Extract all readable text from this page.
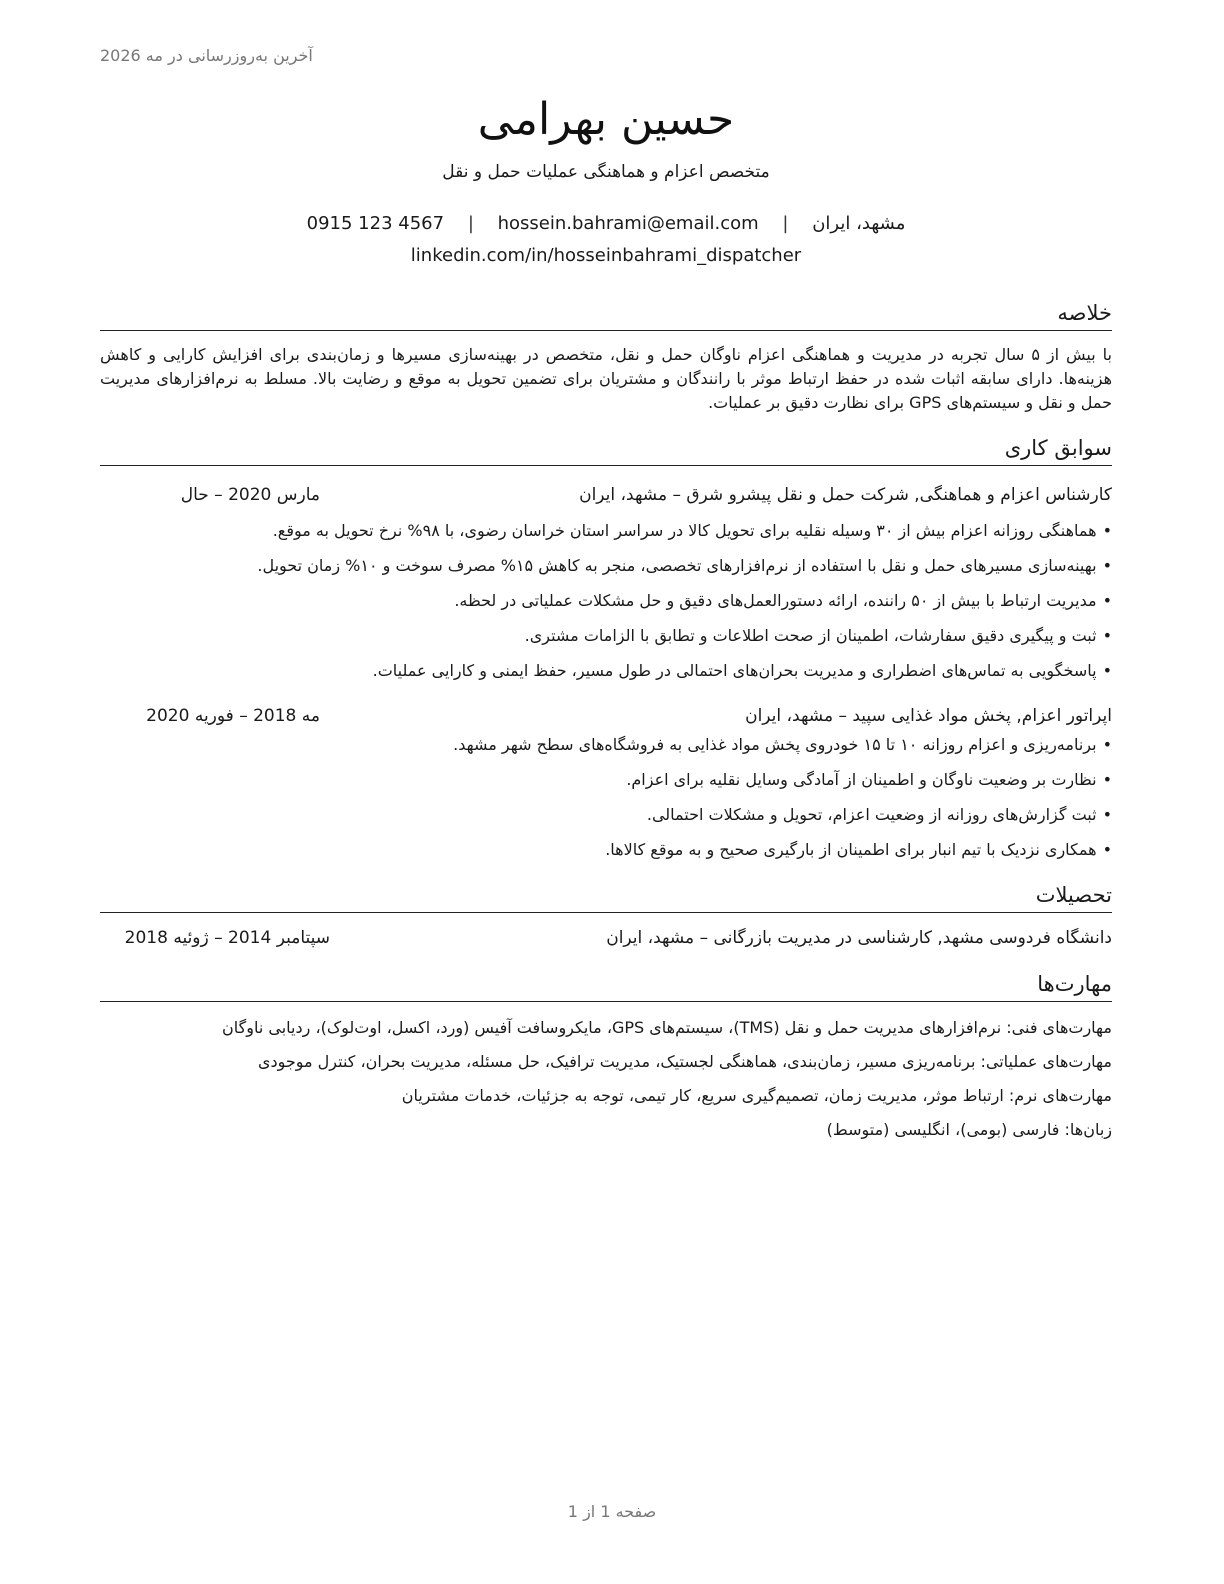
آخرین به‌روزرسانی در مه 2026
حسین بهرامی
متخصص اعزام و هماهنگی عملیات حمل و نقل
مشهد، ایران | hossein.bahrami@email.com | 0915 123 4567
linkedin.com/in/hosseinbahrami_dispatcher
خلاصه
با بیش از ۵ سال تجربه در مدیریت و هماهنگی اعزام ناوگان حمل و نقل، متخصص در بهینه‌سازی مسیرها و زمان‌بندی برای افزایش کارایی و کاهش هزینه‌ها. دارای سابقه اثبات شده در حفظ ارتباط موثر با رانندگان و مشتریان برای تضمین تحویل به موقع و رضایت بالا. مسلط به نرم‌افزارهای مدیریت حمل و نقل و سیستم‌های GPS برای نظارت دقیق بر عملیات.
سوابق کاری
کارشناس اعزام و هماهنگی, شرکت حمل و نقل پیشرو شرق – مشهد، ایران
مارس 2020 – حال
• هماهنگی روزانه اعزام بیش از ۳۰ وسیله نقلیه برای تحویل کالا در سراسر استان خراسان رضوی، با ۹۸% نرخ تحویل به موقع.
• بهینه‌سازی مسیرهای حمل و نقل با استفاده از نرم‌افزارهای تخصصی، منجر به کاهش ۱۵% مصرف سوخت و ۱۰% زمان تحویل.
• مدیریت ارتباط با بیش از ۵۰ راننده، ارائه دستورالعمل‌های دقیق و حل مشکلات عملیاتی در لحظه.
• ثبت و پیگیری دقیق سفارشات، اطمینان از صحت اطلاعات و تطابق با الزامات مشتری.
• پاسخگویی به تماس‌های اضطراری و مدیریت بحران‌های احتمالی در طول مسیر، حفظ ایمنی و کارایی عملیات.
اپراتور اعزام, پخش مواد غذایی سپید – مشهد، ایران
مه 2018 – فوریه 2020
• برنامه‌ریزی و اعزام روزانه ۱۰ تا ۱۵ خودروی پخش مواد غذایی به فروشگاه‌های سطح شهر مشهد.
• نظارت بر وضعیت ناوگان و اطمینان از آمادگی وسایل نقلیه برای اعزام.
• ثبت گزارش‌های روزانه از وضعیت اعزام، تحویل و مشکلات احتمالی.
• همکاری نزدیک با تیم انبار برای اطمینان از بارگیری صحیح و به موقع کالاها.
تحصیلات
دانشگاه فردوسی مشهد, کارشناسی در مدیریت بازرگانی – مشهد، ایران
سپتامبر 2014 – ژوئیه 2018
مهارت‌ها

مهارت‌های فنی: نرم‌افزارهای مدیریت حمل و نقل (TMS)، سیستم‌های GPS، مایکروسافت آفیس (ورد، اکسل، اوت‌لوک)، ردیابی ناوگان

مهارت‌های عملیاتی: برنامه‌ریزی مسیر، زمان‌بندی، هماهنگی لجستیک، مدیریت ترافیک، حل مسئله، مدیریت بحران، کنترل موجودی

مهارت‌های نرم: ارتباط موثر، مدیریت زمان، تصمیم‌گیری سریع، کار تیمی، توجه به جزئیات، خدمات مشتریان

زبان‌ها: فارسی (بومی)، انگلیسی (متوسط)

صفحه 1 از 1
